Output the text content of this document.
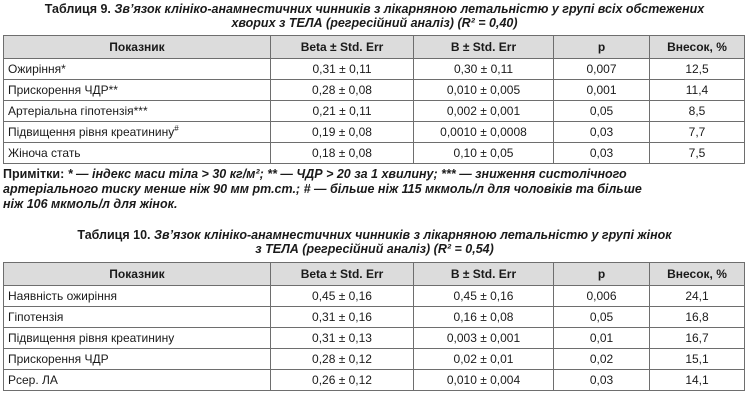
Таблиця 9. Зв’язок клініко-анамнестичних чинників з лікарняною летальністю у групі всіх обстежених
хворих з ТЕЛА (регресійний аналіз) (R² = 0,40)
Показник	Beta ± Std. Err	B ± Std. Err	p	Внесок, %
Ожиріння*	0,31 ± 0,11	0,30 ± 0,11	0,007	12,5
Прискорення ЧДР**	0,28 ± 0,08	0,010 ± 0,005	0,001	11,4
Артеріальна гіпотензія***	0,21 ± 0,11	0,002 ± 0,001	0,05	8,5
Підвищення рівня креатинину#	0,19 ± 0,08	0,0010 ± 0,0008	0,03	7,7
Жіноча стать	0,18 ± 0,08	0,10 ± 0,05	0,03	7,5
Примітки: * — індекс маси тіла > 30 кг/м²; ** — ЧДР > 20 за 1 хвилину; *** — зниження систолічного
артеріального тиску менше ніж 90 мм рт.ст.; # — більше ніж 115 мкмоль/л для чоловіків та більше
ніж 106 мкмоль/л для жінок.
Таблиця 10. Зв’язок клініко-анамнестичних чинників з лікарняною летальністю у групі жінок
з ТЕЛА (регресійний аналіз) (R² = 0,54)
Показник	Beta ± Std. Err	B ± Std. Err	p	Внесок, %
Наявність ожиріння	0,45 ± 0,16	0,45 ± 0,16	0,006	24,1
Гіпотензія	0,31 ± 0,16	0,16 ± 0,08	0,05	16,8
Підвищення рівня креатинину	0,31 ± 0,13	0,003 ± 0,001	0,01	16,7
Прискорення ЧДР	0,28 ± 0,12	0,02 ± 0,01	0,02	15,1
Рсер. ЛА	0,26 ± 0,12	0,010 ± 0,004	0,03	14,1
